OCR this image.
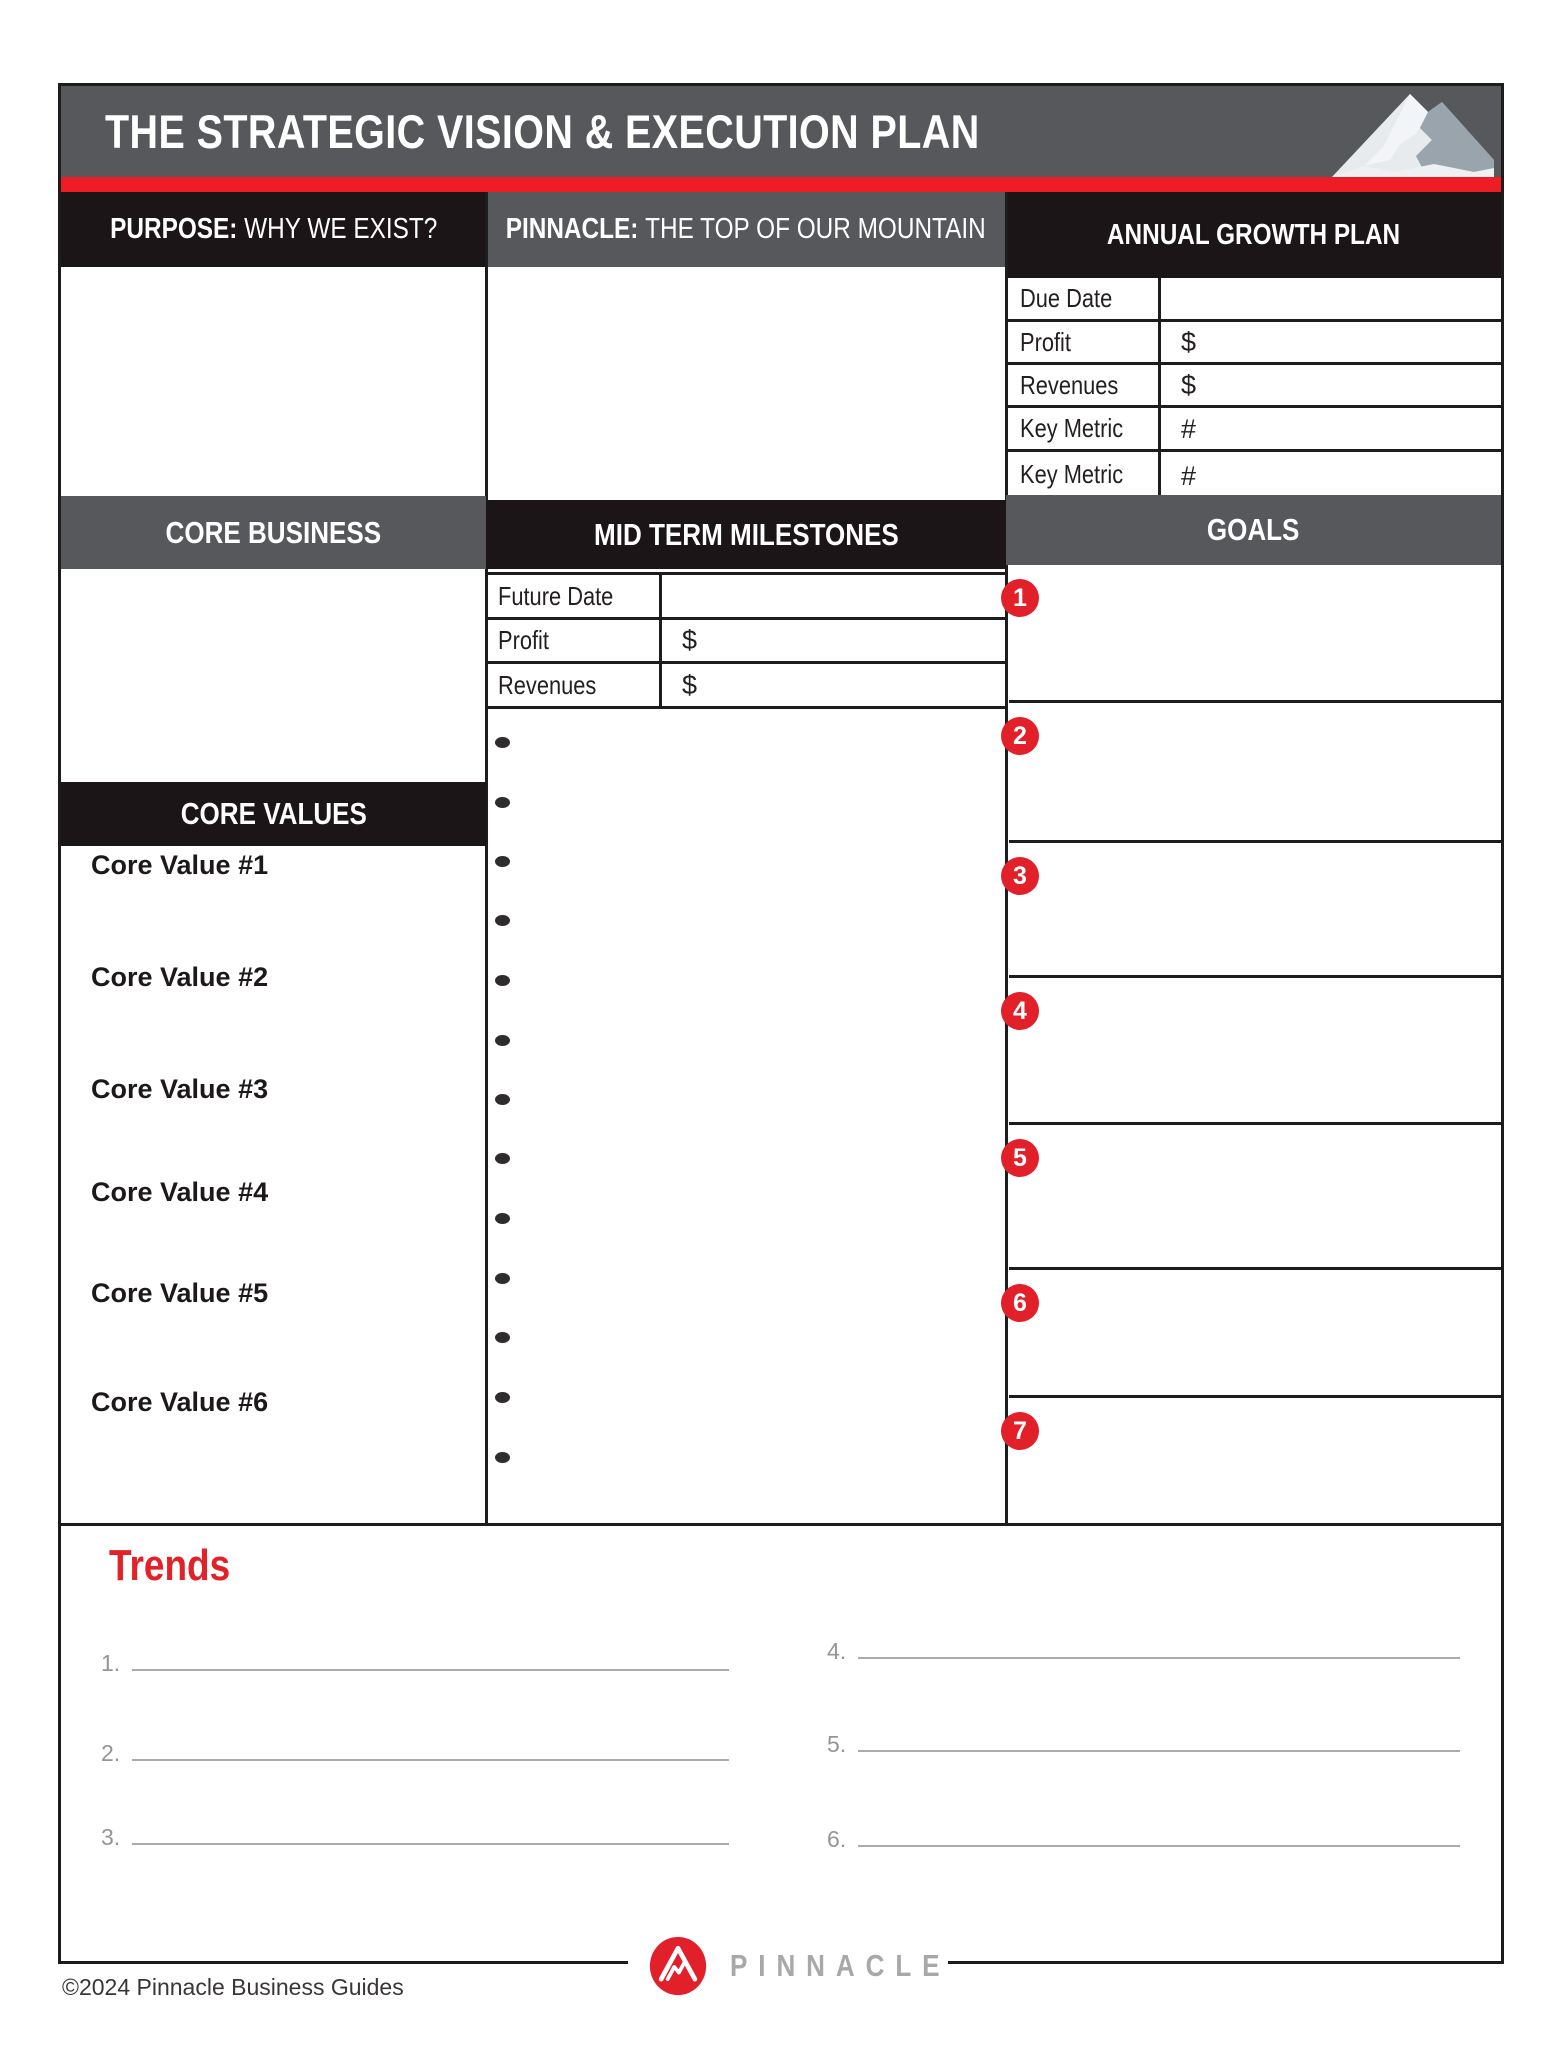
THE STRATEGIC VISION & EXECUTION PLAN
PURPOSE: WHY WE EXIST? PINNACLE: THE TOP OF OUR MOUNTAIN	ANNUAL GROWTH PLAN
CORE BUSINESS
CORE VALUES
Core Value #1
Core Value #2
Core Value #3
Core Value #4
Core Value #5
Core Value #6
MID TERM MILESTONES
Future Date
Profit	$
Revenues	$
Due Date
Profit	$
Revenues	$
Key Metric	#
Key Metric	#
GOALS
1
2
3
4
5
6
7
Trends
1.
2.
3.
4.
5.
6.
PINNACLE
©2024 Pinnacle Business Guides
